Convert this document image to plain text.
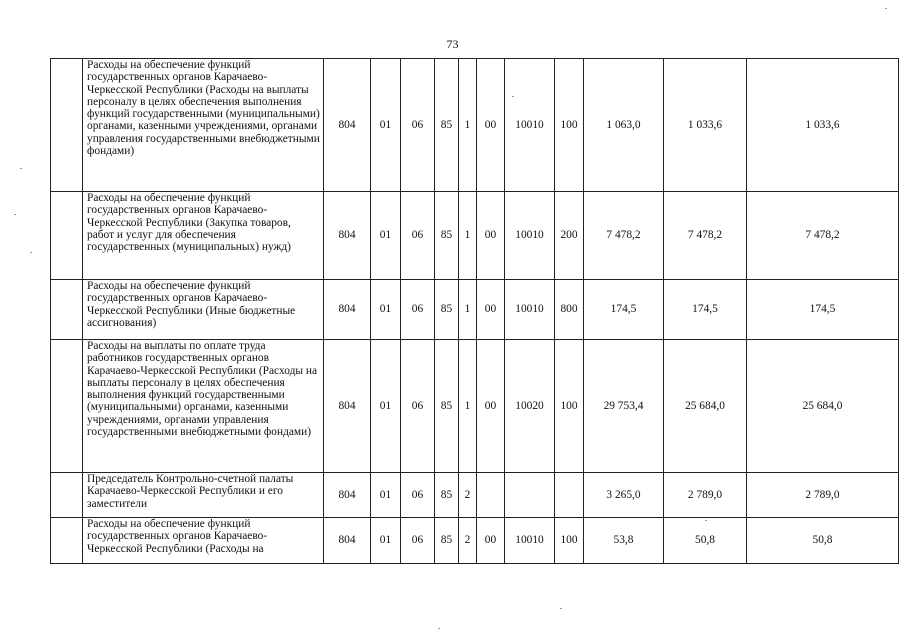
73
	Расходы на обеспечение функций государственных органов Карачаево-Черкесской Республики (Расходы на выплаты персоналу в целях обеспечения выполнения функций государственными (муниципальными) органами, казенными учреждениями, органами управления государственными внебюджетными фондами)	804	01	06	85	1	00	10010	100	1 063,0	1 033,6	1 033,6
	Расходы на обеспечение функций государственных органов Карачаево-Черкесской Республики (Закупка товаров, работ и услуг для обеспечения государственных (муниципальных) нужд)	804	01	06	85	1	00	10010	200	7 478,2	7 478,2	7 478,2
	Расходы на обеспечение функций государственных органов Карачаево-Черкесской Республики (Иные бюджетные ассигнования)	804	01	06	85	1	00	10010	800	174,5	174,5	174,5
	Расходы на выплаты по оплате труда работников государственных органов Карачаево-Черкесской Республики (Расходы на выплаты персоналу в целях обеспечения выполнения функций государственными (муниципальными) органами, казенными учреждениями, органами управления государственными внебюджетными фондами)	804	01	06	85	1	00	10020	100	29 753,4	25 684,0	25 684,0
	Председатель Контрольно-счетной палаты Карачаево-Черкесской Республики и его заместители	804	01	06	85	2				3 265,0	2 789,0	2 789,0
	Расходы на обеспечение функций государственных органов Карачаево-Черкесской Республики (Расходы на	804	01	06	85	2	00	10010	100	53,8	50,8	50,8
